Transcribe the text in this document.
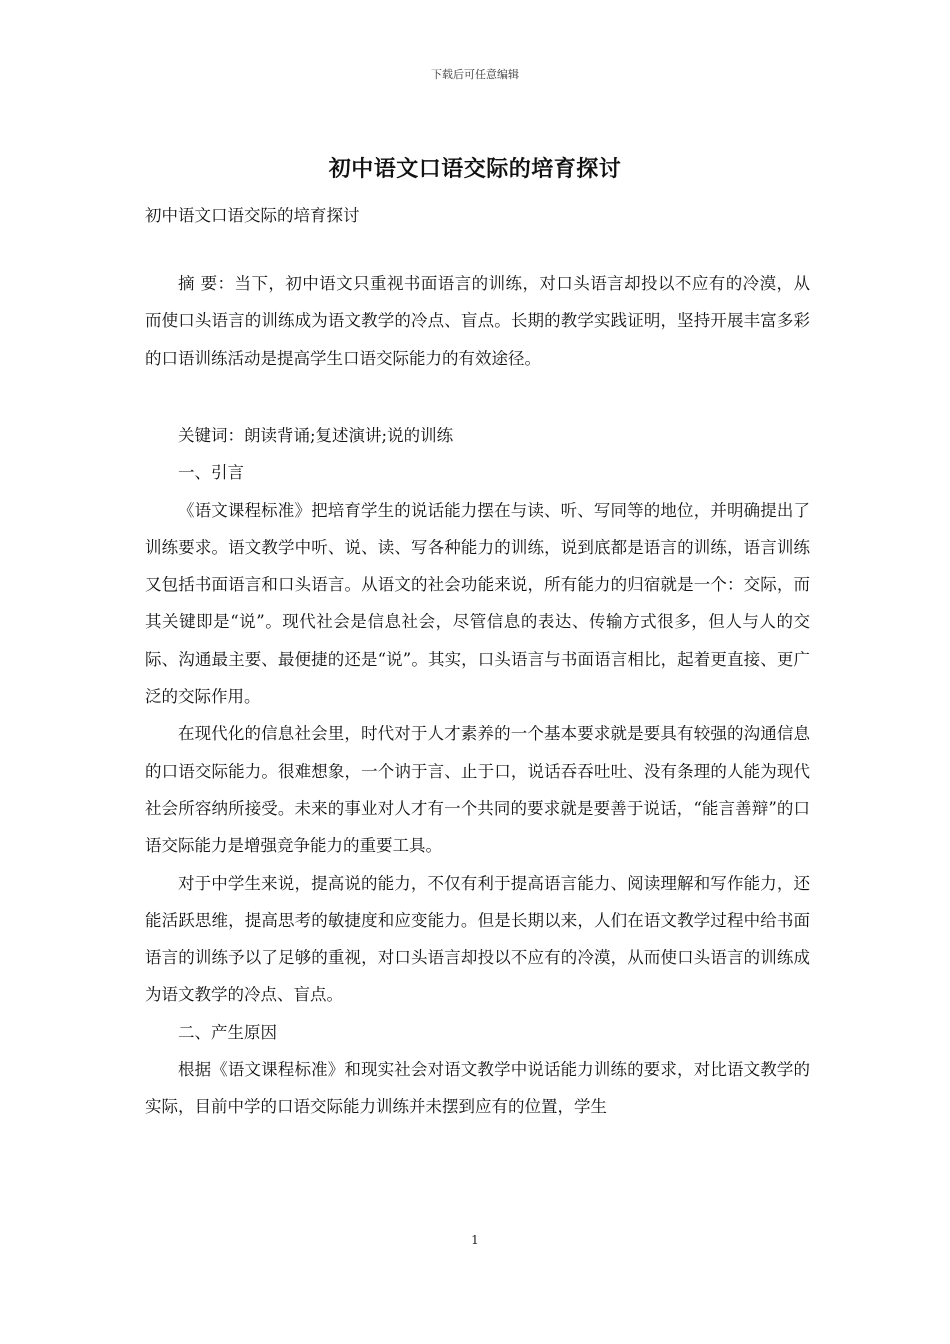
下载后可任意编辑
初中语文口语交际的培育探讨
初中语文口语交际的培育探讨

摘 要：当下，初中语文只重视书面语言的训练，对口头语言却投以不应有的冷漠，从而使口头语言的训练成为语文教学的冷点、盲点。长期的教学实践证明，坚持开展丰富多彩的口语训练活动是提高学生口语交际能力的有效途径。

关键词：朗读背诵;复述演讲;说的训练

一、引言

《语文课程标准》把培育学生的说话能力摆在与读、听、写同等的地位，并明确提出了训练要求。语文教学中听、说、读、写各种能力的训练，说到底都是语言的训练，语言训练又包括书面语言和口头语言。从语文的社会功能来说，所有能力的归宿就是一个：交际，而其关键即是“说”。现代社会是信息社会，尽管信息的表达、传输方式很多，但人与人的交际、沟通最主要、最便捷的还是“说”。其实，口头语言与书面语言相比，起着更直接、更广泛的交际作用。

在现代化的信息社会里，时代对于人才素养的一个基本要求就是要具有较强的沟通信息的口语交际能力。很难想象，一个讷于言、止于口，说话吞吞吐吐、没有条理的人能为现代社会所容纳所接受。未来的事业对人才有一个共同的要求就是要善于说话，“能言善辩”的口语交际能力是增强竞争能力的重要工具。

对于中学生来说，提高说的能力，不仅有利于提高语言能力、阅读理解和写作能力，还能活跃思维，提高思考的敏捷度和应变能力。但是长期以来，人们在语文教学过程中给书面语言的训练予以了足够的重视，对口头语言却投以不应有的冷漠，从而使口头语言的训练成为语文教学的冷点、盲点。

二、产生原因

根据《语文课程标准》和现实社会对语文教学中说话能力训练的要求，对比语文教学的实际，目前中学的口语交际能力训练并未摆到应有的位置，学生

1
